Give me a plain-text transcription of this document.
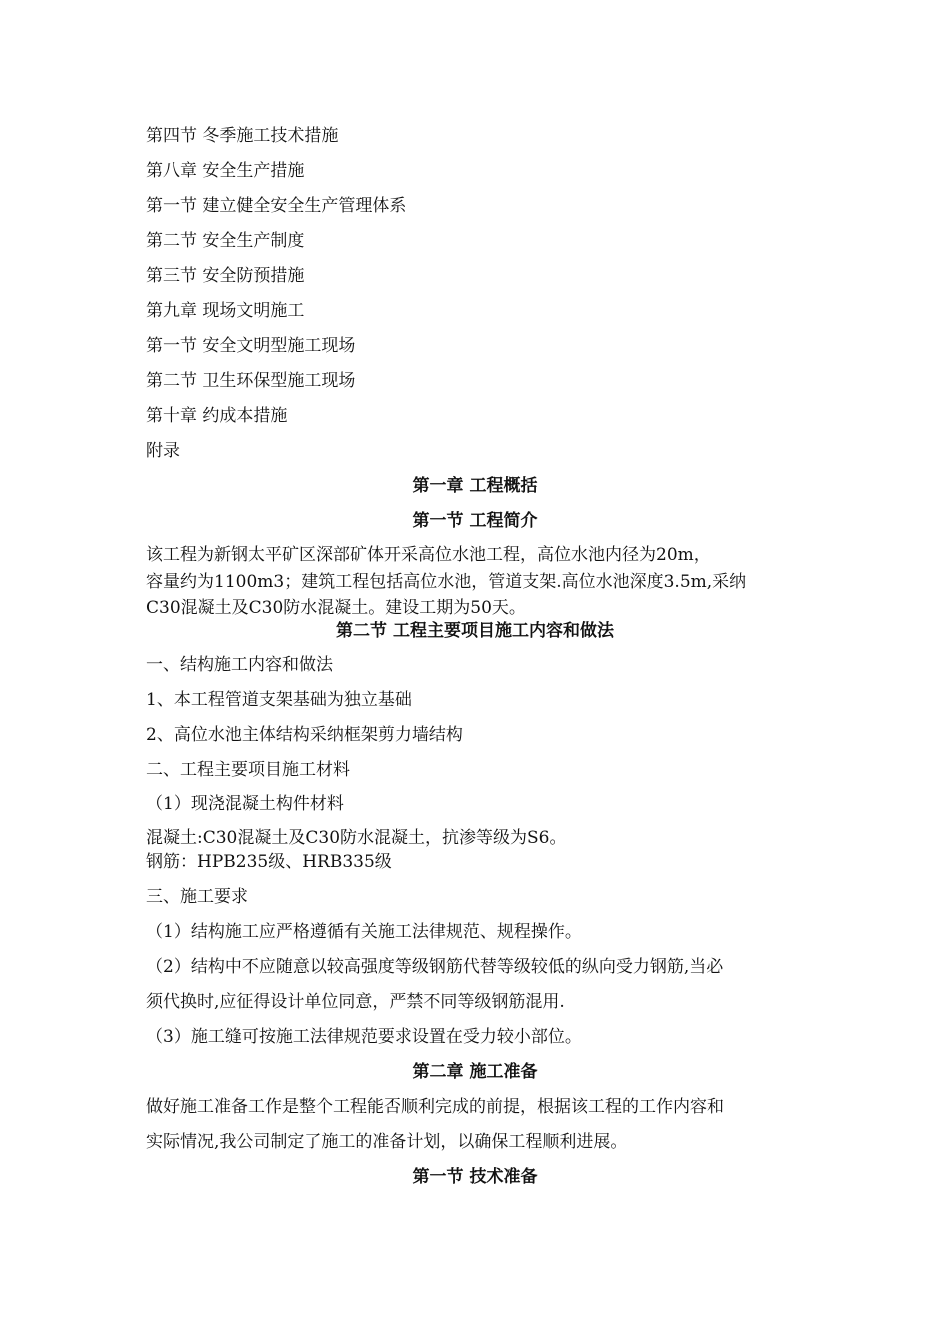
第四节 冬季施工技术措施
第八章 安全生产措施
第一节 建立健全安全生产管理体系
第二节 安全生产制度
第三节 安全防预措施
第九章 现场文明施工
第一节 安全文明型施工现场
第二节 卫生环保型施工现场
第十章 约成本措施
附录
第一章 工程概括
第一节 工程简介
该工程为新钢太平矿区深部矿体开采高位水池工程，高位水池内径为20m，
容量约为1100m3；建筑工程包括高位水池，管道支架.高位水池深度3.5m,采纳
C30混凝土及C30防水混凝土。建设工期为50天。
第二节 工程主要项目施工内容和做法
一、结构施工内容和做法
1、本工程管道支架基础为独立基础
2、高位水池主体结构采纳框架剪力墙结构
二、工程主要项目施工材料
（1）现浇混凝土构件材料
混凝土:C30混凝土及C30防水混凝土，抗渗等级为S6。
钢筋：HPB235级、HRB335级
三、施工要求
（1）结构施工应严格遵循有关施工法律规范、规程操作。
（2）结构中不应随意以较高强度等级钢筋代替等级较低的纵向受力钢筋,当必
须代换时,应征得设计单位同意，严禁不同等级钢筋混用.
（3）施工缝可按施工法律规范要求设置在受力较小部位。
第二章 施工准备
做好施工准备工作是整个工程能否顺利完成的前提，根据该工程的工作内容和
实际情况,我公司制定了施工的准备计划，以确保工程顺利进展。
第一节 技术准备
